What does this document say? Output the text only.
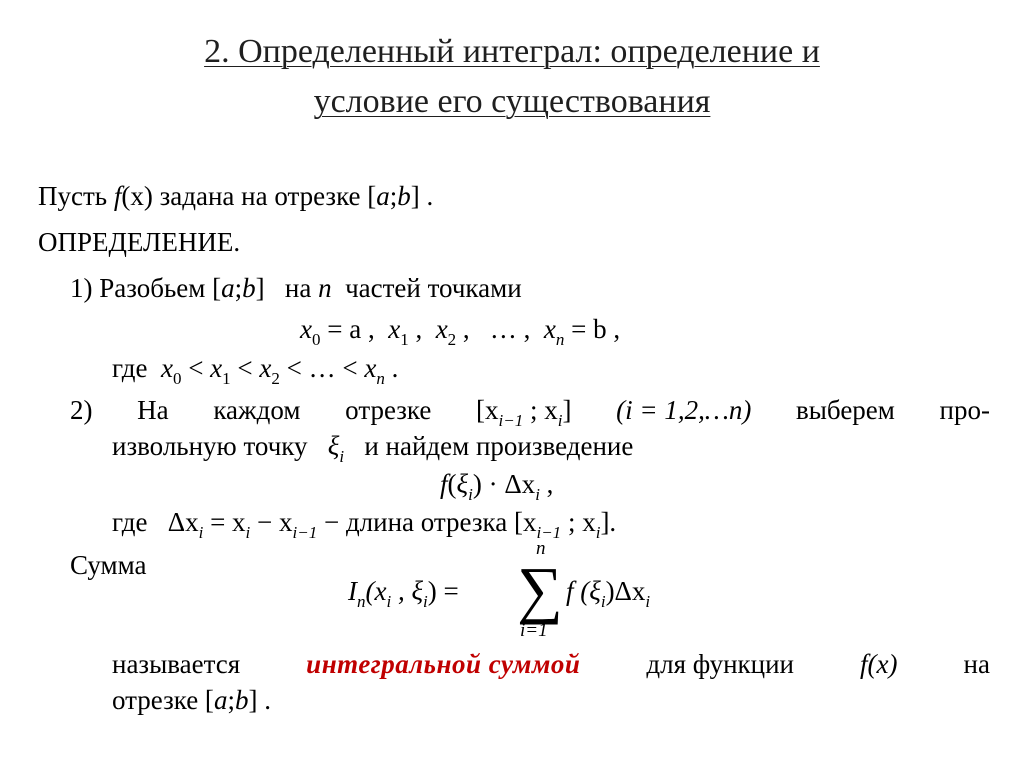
2. Определенный интеграл: определение и
условие его существования
Пусть f(x) задана на отрезке [a;b] .
ОПРЕДЕЛЕНИЕ.
1) Разобьем [a;b] на n частей точками
$x_0 = a$ , $x_1$ , $x_2$ , … , $x_n = b$ ,
где $x_0 < x_1 < x_2$ < … < $x_n$ .
2) На каждом отрезке [$x_{i-1}$ ; $x_i$] (i = 1,2,…n) выберем про-
извольную точку $\xi_i$ и найдем произведение
$f(\xi_i) \cdot \Delta x_i$ ,
где $\Delta x_i = x_i - x_{i-1}$ − длина отрезка [$x_{i-1}$ ; $x_i$].
Сумма
$I_n(x_i$ , $\xi_i$) =
n
∑
i=1
f $(\xi_i)\Delta x_i$
называется интегральной суммой для функции f(x) на
отрезке [a;b] .
